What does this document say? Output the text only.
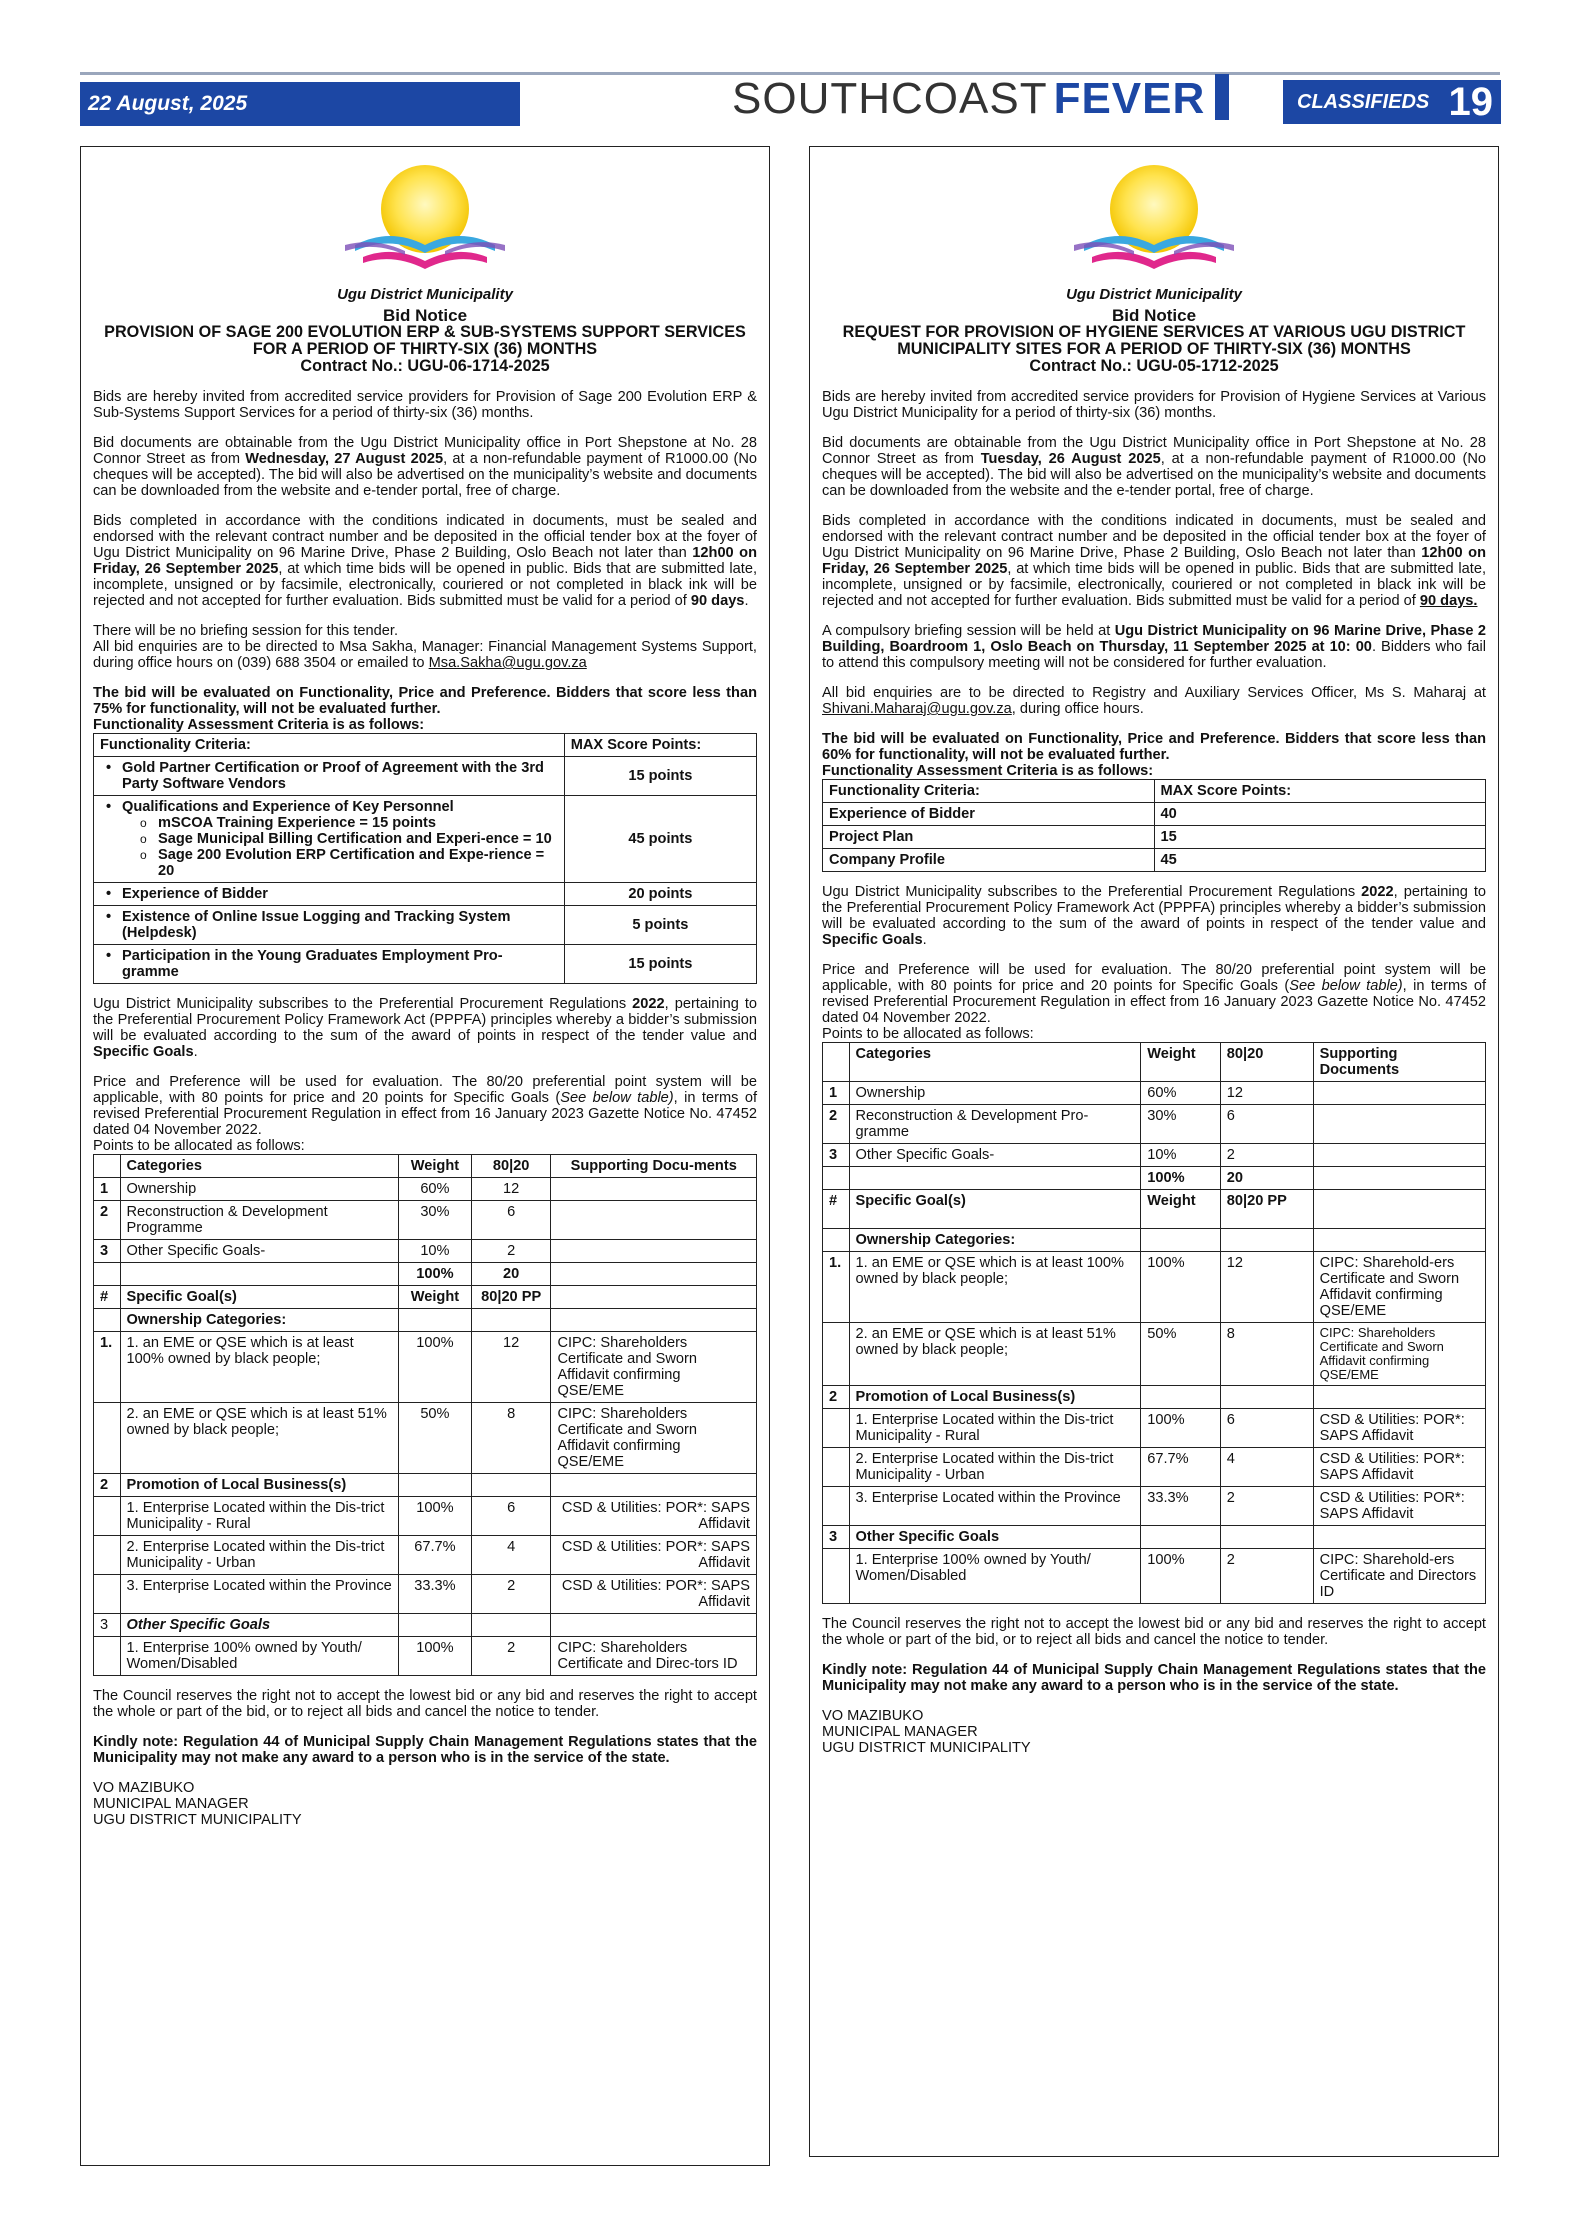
22 August, 2025	SOUTHCOAST FEVER	CLASSIFIEDS 19
Ugu District Municipality
Bid Notice
PROVISION OF SAGE 200 EVOLUTION ERP & SUB-SYSTEMS SUPPORT SERVICES FOR A PERIOD OF THIRTY-SIX (36) MONTHS
Contract No.: UGU-06-1714-2025

Bids are hereby invited from accredited service providers for Provision of Sage 200 Evolution ERP & Sub-Systems Support Services for a period of thirty-six (36) months.

Bid documents are obtainable from the Ugu District Municipality office in Port Shepstone at No. 28 Connor Street as from Wednesday, 27 August 2025, at a non-refundable payment of R1000.00 (No cheques will be accepted). The bid will also be advertised on the municipality’s website and documents can be downloaded from the website and e-tender portal, free of charge.

Bids completed in accordance with the conditions indicated in documents, must be sealed and endorsed with the relevant contract number and be deposited in the official tender box at the foyer of Ugu District Municipality on 96 Marine Drive, Phase 2 Building, Oslo Beach not later than 12h00 on Friday, 26 September 2025, at which time bids will be opened in public. Bids that are submitted late, incomplete, unsigned or by facsimile, electronically, couriered or not completed in black ink will be rejected and not accepted for further evaluation. Bids submitted must be valid for a period of 90 days.

There will be no briefing session for this tender.
All bid enquiries are to be directed to Msa Sakha, Manager: Financial Management Systems Support, during office hours on (039) 688 3504 or emailed to Msa.Sakha@ugu.gov.za

The bid will be evaluated on Functionality, Price and Preference. Bidders that score less than 75% for functionality, will not be evaluated further.
Functionality Assessment Criteria is as follows:

Functionality Criteria:	MAX Score Points:

• Gold Partner Certification or Proof of Agreement with the 3rd Party Software Vendors	15 points

• Qualifications and Experience of Key Personnel
o mSCOA Training Experience = 15 points
o Sage Municipal Billing Certification and Experi-ence = 10
o Sage 200 Evolution ERP Certification and Expe-rience = 20	45 points

• Experience of Bidder	20 points

• Existence of Online Issue Logging and Tracking System (Helpdesk)	5 points

• Participation in the Young Graduates Employment Pro-gramme	15 points

Ugu District Municipality subscribes to the Preferential Procurement Regulations 2022, pertaining to the Preferential Procurement Policy Framework Act (PPPFA) principles whereby a bidder’s submission will be evaluated according to the sum of the award of points in respect of the tender value and Specific Goals.

Price and Preference will be used for evaluation. The 80/20 preferential point system will be applicable, with 80 points for price and 20 points for Specific Goals (See below table), in terms of revised Preferential Procurement Regulation in effect from 16 January 2023 Gazette Notice No. 47452 dated 04 November 2022.
Points to be allocated as follows:

	Categories	Weight	80|20	Supporting Docu-ments
1	Ownership	60%	12	
2	Reconstruction & Development Programme	30%	6	
3	Other Specific Goals-	10%	2	
		100%	20	
#	Specific Goal(s)	Weight	80|20 PP	
	Ownership Categories:			
1.	1. an EME or QSE which is at least 100% owned by black people;	100%	12	CIPC: Shareholders Certificate and Sworn Affidavit confirming QSE/EME
	2. an EME or QSE which is at least 51% owned by black people;	50%	8	CIPC: Shareholders Certificate and Sworn Affidavit confirming QSE/EME
2	Promotion of Local Business(s)			
	1. Enterprise Located within the Dis-trict Municipality - Rural	100%	6	CSD & Utilities: POR*: SAPS Affidavit
	2. Enterprise Located within the Dis-trict Municipality - Urban	67.7%	4	CSD & Utilities: POR*: SAPS Affidavit
	3. Enterprise Located within the Province	33.3%	2	CSD & Utilities: POR*: SAPS Affidavit
3	Other Specific Goals			
	1. Enterprise 100% owned by Youth/ Women/Disabled	100%	2	CIPC: Shareholders Certificate and Direc-tors ID

The Council reserves the right not to accept the lowest bid or any bid and reserves the right to accept the whole or part of the bid, or to reject all bids and cancel the notice to tender.

Kindly note: Regulation 44 of Municipal Supply Chain Management Regulations states that the Municipality may not make any award to a person who is in the service of the state.

VO MAZIBUKO
MUNICIPAL MANAGER
UGU DISTRICT MUNICIPALITY
Ugu District Municipality
Bid Notice
REQUEST FOR PROVISION OF HYGIENE SERVICES AT VARIOUS UGU DISTRICT MUNICIPALITY SITES FOR A PERIOD OF THIRTY-SIX (36) MONTHS
Contract No.: UGU-05-1712-2025

Bids are hereby invited from accredited service providers for Provision of Hygiene Services at Various Ugu District Municipality for a period of thirty-six (36) months.

Bid documents are obtainable from the Ugu District Municipality office in Port Shepstone at No. 28 Connor Street as from Tuesday, 26 August 2025, at a non-refundable payment of R1000.00 (No cheques will be accepted). The bid will also be advertised on the municipality’s website and documents can be downloaded from the website and the e-tender portal, free of charge.

Bids completed in accordance with the conditions indicated in documents, must be sealed and endorsed with the relevant contract number and be deposited in the official tender box at the foyer of Ugu District Municipality on 96 Marine Drive, Phase 2 Building, Oslo Beach not later than 12h00 on Friday, 26 September 2025, at which time bids will be opened in public. Bids that are submitted late, incomplete, unsigned or by facsimile, electronically, couriered or not completed in black ink will be rejected and not accepted for further evaluation. Bids submitted must be valid for a period of 90 days.

A compulsory briefing session will be held at Ugu District Municipality on 96 Marine Drive, Phase 2 Building, Boardroom 1, Oslo Beach on Thursday, 11 September 2025 at 10: 00. Bidders who fail to attend this compulsory meeting will not be considered for further evaluation.

All bid enquiries are to be directed to Registry and Auxiliary Services Officer, Ms S. Maharaj at Shivani.Maharaj@ugu.gov.za, during office hours.

The bid will be evaluated on Functionality, Price and Preference. Bidders that score less than 60% for functionality, will not be evaluated further.
Functionality Assessment Criteria is as follows:

Functionality Criteria:	MAX Score Points:
Experience of Bidder	40
Project Plan	15
Company Profile	45

Ugu District Municipality subscribes to the Preferential Procurement Regulations 2022, pertaining to the Preferential Procurement Policy Framework Act (PPPFA) principles whereby a bidder’s submission will be evaluated according to the sum of the award of points in respect of the tender value and Specific Goals.

Price and Preference will be used for evaluation. The 80/20 preferential point system will be applicable, with 80 points for price and 20 points for Specific Goals (See below table), in terms of revised Preferential Procurement Regulation in effect from 16 January 2023 Gazette Notice No. 47452 dated 04 November 2022.
Points to be allocated as follows:

	Categories	Weight	80|20	Supporting Documents
1	Ownership	60%	12	
2	Reconstruction & Development Pro-gramme	30%	6	
3	Other Specific Goals-	10%	2	
		100%	20	
#	Specific Goal(s)	Weight	80|20 PP	
	Ownership Categories:			
1.	1. an EME or QSE which is at least 100% owned by black people;	100%	12	CIPC: Sharehold-ers Certificate and Sworn Affidavit confirming QSE/EME
	2. an EME or QSE which is at least 51% owned by black people;	50%	8	CIPC: Shareholders Certificate and Sworn Affidavit confirming QSE/EME
2	Promotion of Local Business(s)			
	1. Enterprise Located within the Dis-trict Municipality - Rural	100%	6	CSD & Utilities: POR*: SAPS Affidavit
	2. Enterprise Located within the Dis-trict Municipality - Urban	67.7%	4	CSD & Utilities: POR*: SAPS Affidavit
	3. Enterprise Located within the Province	33.3%	2	CSD & Utilities: POR*: SAPS Affidavit
3	Other Specific Goals			
	1. Enterprise 100% owned by Youth/ Women/Disabled	100%	2	CIPC: Sharehold-ers Certificate and Directors ID

The Council reserves the right not to accept the lowest bid or any bid and reserves the right to accept the whole or part of the bid, or to reject all bids and cancel the notice to tender.

Kindly note: Regulation 44 of Municipal Supply Chain Management Regulations states that the Municipality may not make any award to a person who is in the service of the state.

VO MAZIBUKO
MUNICIPAL MANAGER
UGU DISTRICT MUNICIPALITY
